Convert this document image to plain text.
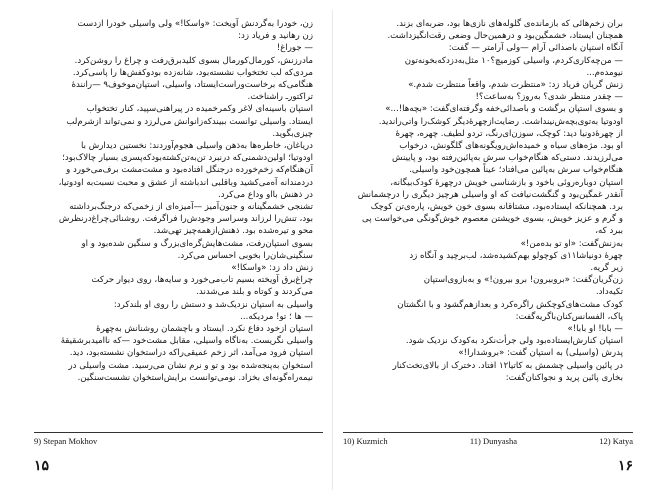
زن، خودرا بەگردنش آویخت: «واسکا!» ولی واسیلی خودرا ازدست

زن رهانید و فریاد زد:

— جوراغ!

مادرزنش، کورمال‌کورمال بسوی کلیدبرق‌رفت و چراغ را روشن‌کرد.

مردی‌که لب تختخواب نشسته‌بود، شانه‌زده بودو‌کفش‌ها را پاسی‌کرد.

هنگامی‌که برخاست‌وراست‌ایستاد، واسیلی، استپان‌موخوف٩ —رانندهٔ

تراکتورـ راشناخت.

استپان باسینه‌ای لاغر وکمر‌خمیده در پیراهنی‌سپید، کنار تختخواب

ایستاد. واسیلی توانست ببیند‌که‌زانوانش می‌لرزد و نمی‌تواند ازشرم‌لب

چیزی‌بگوید.

دریاغان، خاطره‌ها به‌ذهن واسیلی هجوم‌آوردند: نخستین دیدارش با

اودوتیا؛ اولین‌دشمنی‌که درنبرد تن‌به‌تن‌کشته‌بود‌که‌پسری بسیار چالاک‌بود؛

آن‌هنگام‌که زخم‌خورده درجنگل افتاده‌بود و مشت‌مشت برف‌می‌خورد و

دردمندانه آه‌می‌کشید و‌باقلبی اندباشته از عشق و محبت نسبت‌به اودوتیا،

در ذهنش بااو وداع می‌کرد.

تشنجی خشمگینانه و جنون‌آمیز —آمیزه‌ای از زخمی‌که درجنگ‌برداشته

بود، تنش‌را لرزاند و‌سراسر وجودش‌را فراگرفت. روشنائی‌چراغ‌درنظرش

محو و تیره‌شده بود. ذهنش‌از‌همه‌چیز تهی‌شد.

بسوی استپان‌رفت، مشت‌هایش‌گره‌ای‌بزرگ و سنگین شده‌بود و او

سنگینی‌شان‌را بخوبی احساس می‌کرد.

زنش داد زد: «واسکا!»

چراغ‌برق آویخته بسیم تاب‌می‌خورد و سایه‌ها، روی دیوار حرکت

می‌کردند و کوتاه و بلند می‌شدند.

واسیلی به استپان نزدیک‌شد و دستش را روی او بلند‌کرد:

— ها ؛ تو! مردیکه...

استپان ازخود دفاع نکرد. ایستاد و باچشمان روشنانش به‌چهرهٔ

واسیلی نگریست. بەناگاه واسیلی، مقابل مشت‌خود —که ناامید‌بر‌شقیقهٔ

استپان فرود می‌آمد، اثر زخم عمیقی‌راکه در‌استخوان نشسته‌بود، دید.

استخوان به‌پنجه‌شده بود و تو و نرم نشان می‌رسید. مشت واسیلی در

نیمه‌راه‌گونه‌ای بخزاد. نومی‌توانست برایش‌استخوان نشست‌سنگین.

9) Stepan Mokhov
۱۵

بران زخم‌هائی که بازمانده‌ی گلوله‌های نازی‌ها بود، ضربه‌ای بزند.

همچنان ایستاد، خشمگین‌بود و درهمین‌حال وضعی رقت‌انگیزداشت.

آنگاه استپان باصدائی آرام —ولی آرامتر — گفت:

— من‌چه‌کاری‌کردم، واسیلی کوزمیچ؟١٠ مثل‌به‌دزدکه‌بخونه‌تون

نیومده‌م...

زنش گریان فریاد زد: «منتظرت شدم، واقعاً منتظرت شدم.»

— چقدر منتظر شدی؟ به‌روز؟ به‌ساعت؟!

و بسوی استپان برگشت و باصدائی‌خفه وگرفته‌ای‌گفت: «بچه‌ها!...»

اودوتیا به‌توی‌بچه‌ش‌نینداشت. رضایت‌ازچهرهٔ‌دیگر کوشک‌را واتی‌راندید.

از چهرهٔ‌دونیا دید: کوچک، سوزن‌ای‌رنگ، تردو لطیف. چهره، چهرهٔ

او بود. مژه‌های سیاه و خمیده‌اش‌رویگونه‌های گلگونش، درخواب

می‌لرزیدند. دستی‌که هنگام‌خواب سرش به‌پائین‌رفته بود، و پایینش

هنگام‌خواب سرش به‌پائین می‌افتاد؛ عیناً همچون‌خود واسیلی.

استپان دوباره‌روئی باخود و بازشناسی خویش درچهرهٔ کودک‌بیگانه،

آنقدر غمگین‌بود و گنگشت‌نیافت که او واسیلی هرچیز دیگری را درچشمانش

برد. همچنانکه ایستاده‌بود، مشتاقانه بسوی خون خویش، پاره‌ی‌تن کوچک

و گرم و عزیز خویش، بسوی خویشتن معصوم خوش‌گونگی می‌خواست پی

ببرد که،

بەزنش‌گفت: «او تو بده‌من!»

چهرهٔ دونیاشا١١ی کوچولو بهم‌کشیده‌شد، لب‌برچید و آنگاه زد

زیر گریه.

زن‌گریان‌گفت: «بروبیرون! برو بیرون!» و به‌بازوی‌استپان

تکیه‌داد.

کودک مشت‌های‌کوچکش را‌گره‌کرد و بعدازهم‌گشود و با انگشتان

پاک، الفسانس‌کنان‌باگریه‌گفت:

— بابا! او بابا!»

استپان کنارش‌ایستاده‌بود ولی جرأت‌نکرد به‌کودک نزدیک شود.

پدرش (واسیلی) به استپان گفت: «برو‌شدارا!»

در پائین واسیلی چشمش به کاتیا١٢ افتاد. دخترک از بالای‌تخت‌کنار

بخاری پائین پرید و نجواکنان‌گفت:

10) Kuzmich	11) Dunyasha	12) Katya
۱۶
